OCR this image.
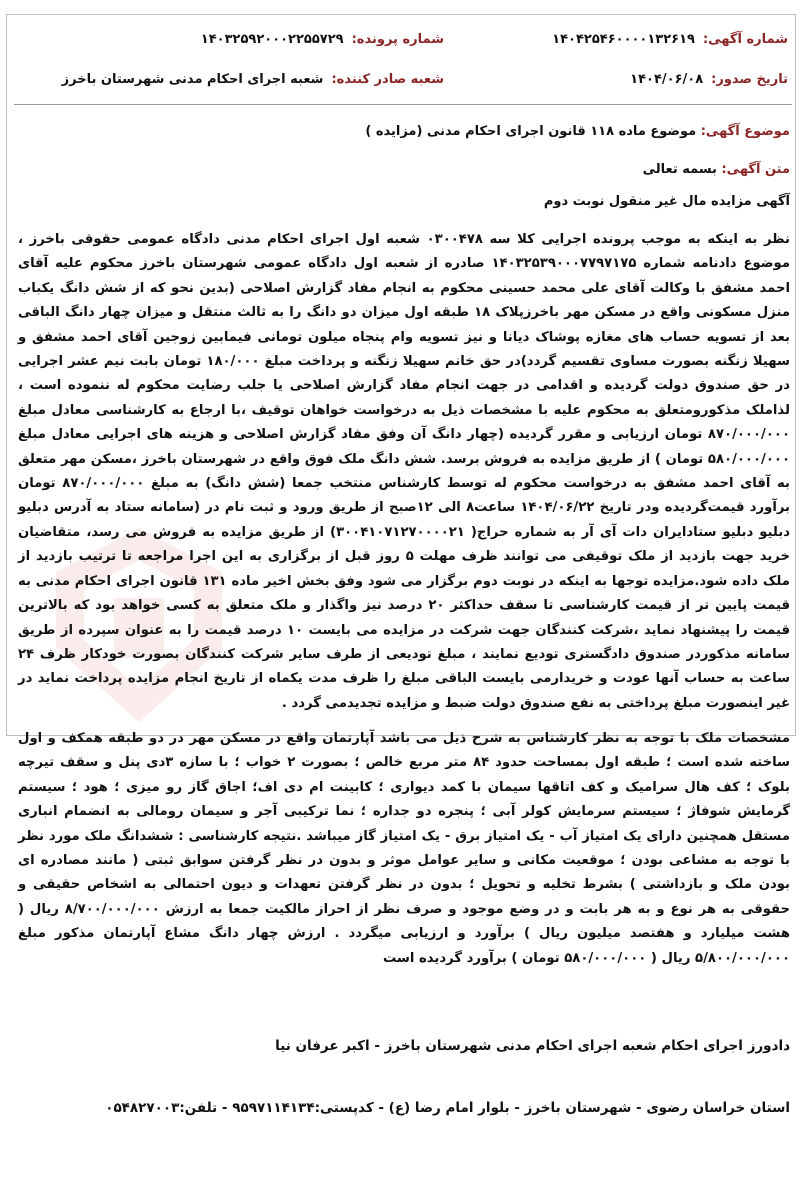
شماره آگهی:۱۴۰۴۲۵۴۶۰۰۰۰۱۳۲۶۱۹
شماره پرونده:۱۴۰۳۲۵۹۲۰۰۰۲۲۵۵۷۲۹
تاریخ صدور:۱۴۰۴/۰۶/۰۸
شعبه صادر کننده:شعبه اجرای احکام مدنی شهرستان باخرز
موضوع آگهی: موضوع ماده ۱۱۸ قانون اجرای احکام مدنی (مزایده )
متن آگهی: بسمه تعالی
آگهی مزایده مال غیر منقول نوبت دوم
نظر به اینکه به موجب پرونده اجرایی کلا سه ۰۳۰۰۴۷۸ شعبه اول اجرای احکام مدنی دادگاه عمومی حقوقی باخرز ، موضوع دادنامه شماره ۱۴۰۳۲۵۳۹۰۰۰۷۷۹۷۱۷۵ صادره از شعبه اول دادگاه عمومی شهرستان باخرز محکوم علیه آقای احمد مشفق با وکالت آقای علی محمد حسینی محکوم به انجام مفاد گزارش اصلاحی (بدین نحو که از شش دانگ یکباب منزل مسکونی واقع در مسکن مهر باخرزپلاک ۱۸ طبقه اول میزان دو دانگ را به ثالث منتقل و میزان چهار دانگ الباقی بعد از تسویه حساب های مغازه پوشاک دیانا و نیز تسویه وام پنجاه میلون تومانی فیمابین زوجین آقای احمد مشفق و سهیلا زنگنه بصورت مساوی تقسیم گردد)در حق خانم سهیلا زنگنه و پرداخت مبلغ ۱۸۰/۰۰۰ تومان بابت نیم عشر اجرایی در حق صندوق دولت گردیده و اقدامی در جهت انجام مفاد گزارش اصلاحی یا جلب رضایت محکوم له ننموده است ، لذاملک مذکورومتعلق به محکوم علیه با مشخصات ذیل به درخواست خواهان توقیف ،با ارجاع به کارشناسی معادل مبلغ ۸۷۰/۰۰۰/۰۰۰ تومان ارزیابی و مقرر گردیده (چهار دانگ آن وفق مفاد گزارش اصلاحی و هزینه های اجرایی معادل مبلغ ۵۸۰/۰۰۰/۰۰۰ تومان ) از طریق مزایده به فروش برسد. شش دانگ ملک فوق واقع در شهرستان باخرز ،مسکن مهر متعلق به آقای احمد مشفق به درخواست محکوم له توسط کارشناس منتخب جمعا (شش دانگ) به مبلغ ۸۷۰/۰۰۰/۰۰۰ تومان برآورد قیمت‌گردیده ودر تاریخ ۱۴۰۴/۰۶/۲۲ ساعت۸ الی ۱۲صبح از طریق ورود و ثبت نام در (سامانه ستاد به آدرس دبلیو دبلیو دبلیو ستادایران دات آی آر به شماره حراج( ۳۰۰۴۱۰۷۱۲۷۰۰۰۰۲۱) از طریق مزایده به فروش می رسد، متقاضیان خرید جهت بازدید از ملک توقیفی می توانند ظرف مهلت ۵ روز قبل از برگزاری به این اجرا مراجعه تا ترتیب بازدید از ملک داده شود.مزایده توجها به اینکه در نوبت دوم برگزار می شود وفق بخش اخیر ماده ۱۳۱ قانون اجرای احکام مدنی به قیمت پایین تر از قیمت کارشناسی تا سقف حداکثر ۲۰ درصد نیز واگذار و ملک متعلق به کسی خواهد بود که بالاترین قیمت را پیشنهاد نماید ،شرکت کنندگان جهت شرکت در مزایده می بایست ۱۰ درصد قیمت را به عنوان سپرده از طریق سامانه مذکوردر صندوق دادگستری تودیع نمایند ، مبلغ تودیعی از طرف سایر شرکت کنندگان بصورت خودکار ظرف ۲۴ ساعت به حساب آنها عودت و خریدارمی بایست الباقی مبلغ را ظرف مدت یکماه از تاریخ انجام مزایده پرداخت نماید در غیر اینصورت مبلغ پرداختی به نفع صندوق دولت ضبط و مزایده تجدیدمی گردد .
مشخصات ملک با توجه به نظر کارشناس به شرح ذیل می باشد آپارتمان واقع در مسکن مهر در دو طبقه همکف و اول ساخته شده است ؛ طبقه اول بمساحت حدود ۸۴ متر مربع خالص ؛ بصورت ۲ خواب ؛ با سازه ۳دی پنل و سقف تیرچه بلوک ؛ کف هال سرامیک و کف اتاقها سیمان با کمد دیواری ؛ کابینت ام دی اف؛ اجاق گاز رو میزی ؛ هود ؛ سیستم گرمایش شوفاژ ؛ سیستم سرمایش کولر آبی ؛ پنجره دو جداره ؛ نما ترکیبی آجر و سیمان رومالی به انضمام انباری مستقل همچنین دارای یک امتیاز آب - یک امتیاز برق - یک امتیاز گاز میباشد .نتیجه کارشناسی : ششدانگ ملک مورد نظر با توجه به مشاعی بودن ؛ موقعیت مکانی و سایر عوامل موثر و بدون در نظر گرفتن سوابق ثبتی ( مانند مصادره ای بودن ملک و بازداشتی ) بشرط تخلیه و تحویل ؛ بدون در نظر گرفتن تعهدات و دیون احتمالی به اشخاص حقیقی و حقوقی به هر نوع و به هر بابت و در وضع موجود و صرف نظر از احراز مالکیت جمعا به ارزش ۸/۷۰۰/۰۰۰/۰۰۰ ریال ( هشت میلیارد و هفتصد میلیون ریال ) برآورد و ارزیابی میگردد . ارزش چهار دانگ مشاع آپارتمان مذکور مبلغ ۵/۸۰۰/۰۰۰/۰۰۰ ریال ( ۵۸۰/۰۰۰/۰۰۰ تومان ) برآورد گردیده است
دادورز اجرای احکام شعبه اجرای احکام مدنی شهرستان باخرز - اکبر عرفان نیا
استان خراسان رضوی - شهرستان باخرز - بلوار امام رضا (ع) - کدپستی:۹۵۹۷۱۱۴۱۳۴ - تلفن:۰۵۴۸۲۷۰۰۳
